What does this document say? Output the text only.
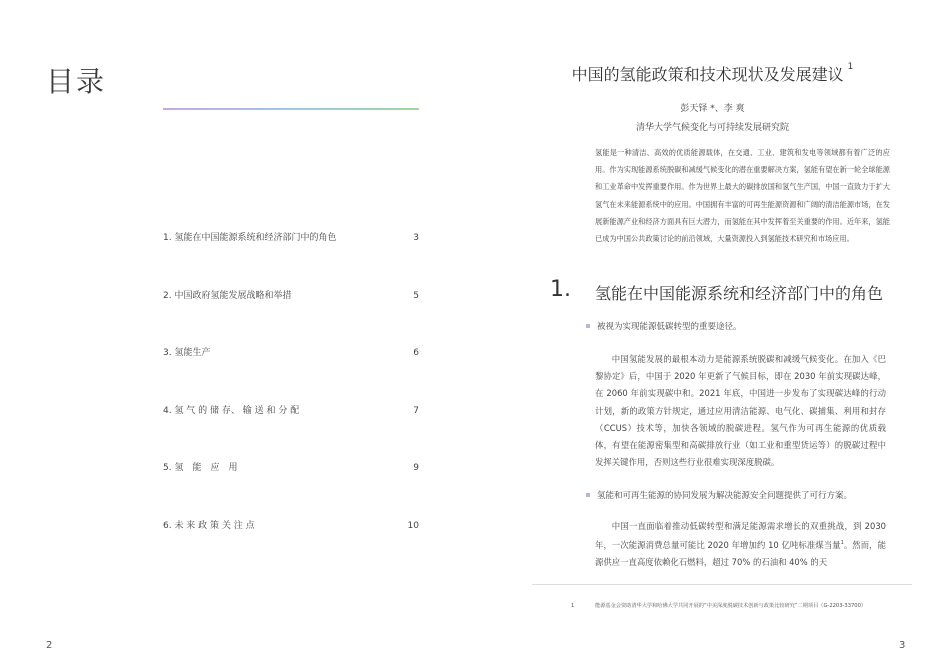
目录
1. 氢能在中国能源系统和经济部门中的角色	3
2. 中国政府氢能发展战略和举措	5
3. 氢能生产	6
4. 氢 气 的 储 存、 输 送 和 分 配	7
5. 氢　能　应　用	9
6. 未 来 政 策 关 注 点	10
2
中国的氢能政策和技术现状及发展建议 $^1$
彭天铎 *、李 爽
清华大学气候变化与可持续发展研究院
氢能是一种清洁、高效的优质能源载体，在交通、工业、建筑和发电等领域都有着广泛的应用。作为实现能源系统脱碳和减缓气候变化的潜在重要解决方案，氢能有望在新一轮全球能源和工业革命中发挥重要作用。作为世界上最大的碳排放国和氢气生产国，中国一直致力于扩大氢气在未来能源系统中的应用。中国拥有丰富的可再生能源资源和广阔的清洁能源市场，在发展新能源产业和经济方面具有巨大潜力，而氢能在其中发挥着至关重要的作用。近年来，氢能已成为中国公共政策讨论的前沿领域，大量资源投入到氢能技术研究和市场应用。
1. 氢能在中国能源系统和经济部门中的角色
被视为实现能源低碳转型的重要途径。
中国氢能发展的最根本动力是能源系统脱碳和减缓气候变化。在加入《巴黎协定》后，中国于 2020 年更新了气候目标，即在 2030 年前实现碳达峰，在 2060 年前实现碳中和。2021 年底，中国进一步发布了实现碳达峰的行动计划，新的政策方针规定，通过应用清洁能源、电气化、碳捕集、利用和封存（CCUS）技术等，加快各领域的脱碳进程。氢气作为可再生能源的优质载体，有望在能源密集型和高碳排放行业（如工业和重型货运等）的脱碳过程中发挥关键作用，否则这些行业很难实现深度脱碳。
氢能和可再生能源的协同发展为解决能源安全问题提供了可行方案。
中国一直面临着推动低碳转型和满足能源需求增长的双重挑战，到 2030 年，一次能源消费总量可能比 2020 年增加约 10 亿吨标准煤当量$^1$。然而，能源供应一直高度依赖化石燃料，超过 70% 的石油和 40% 的天
1	能源基金会资助清华大学和哈佛大学共同开展的“中美深度脱碳技术创新与政策比较研究”二期项目（G-2203-33700）
3
